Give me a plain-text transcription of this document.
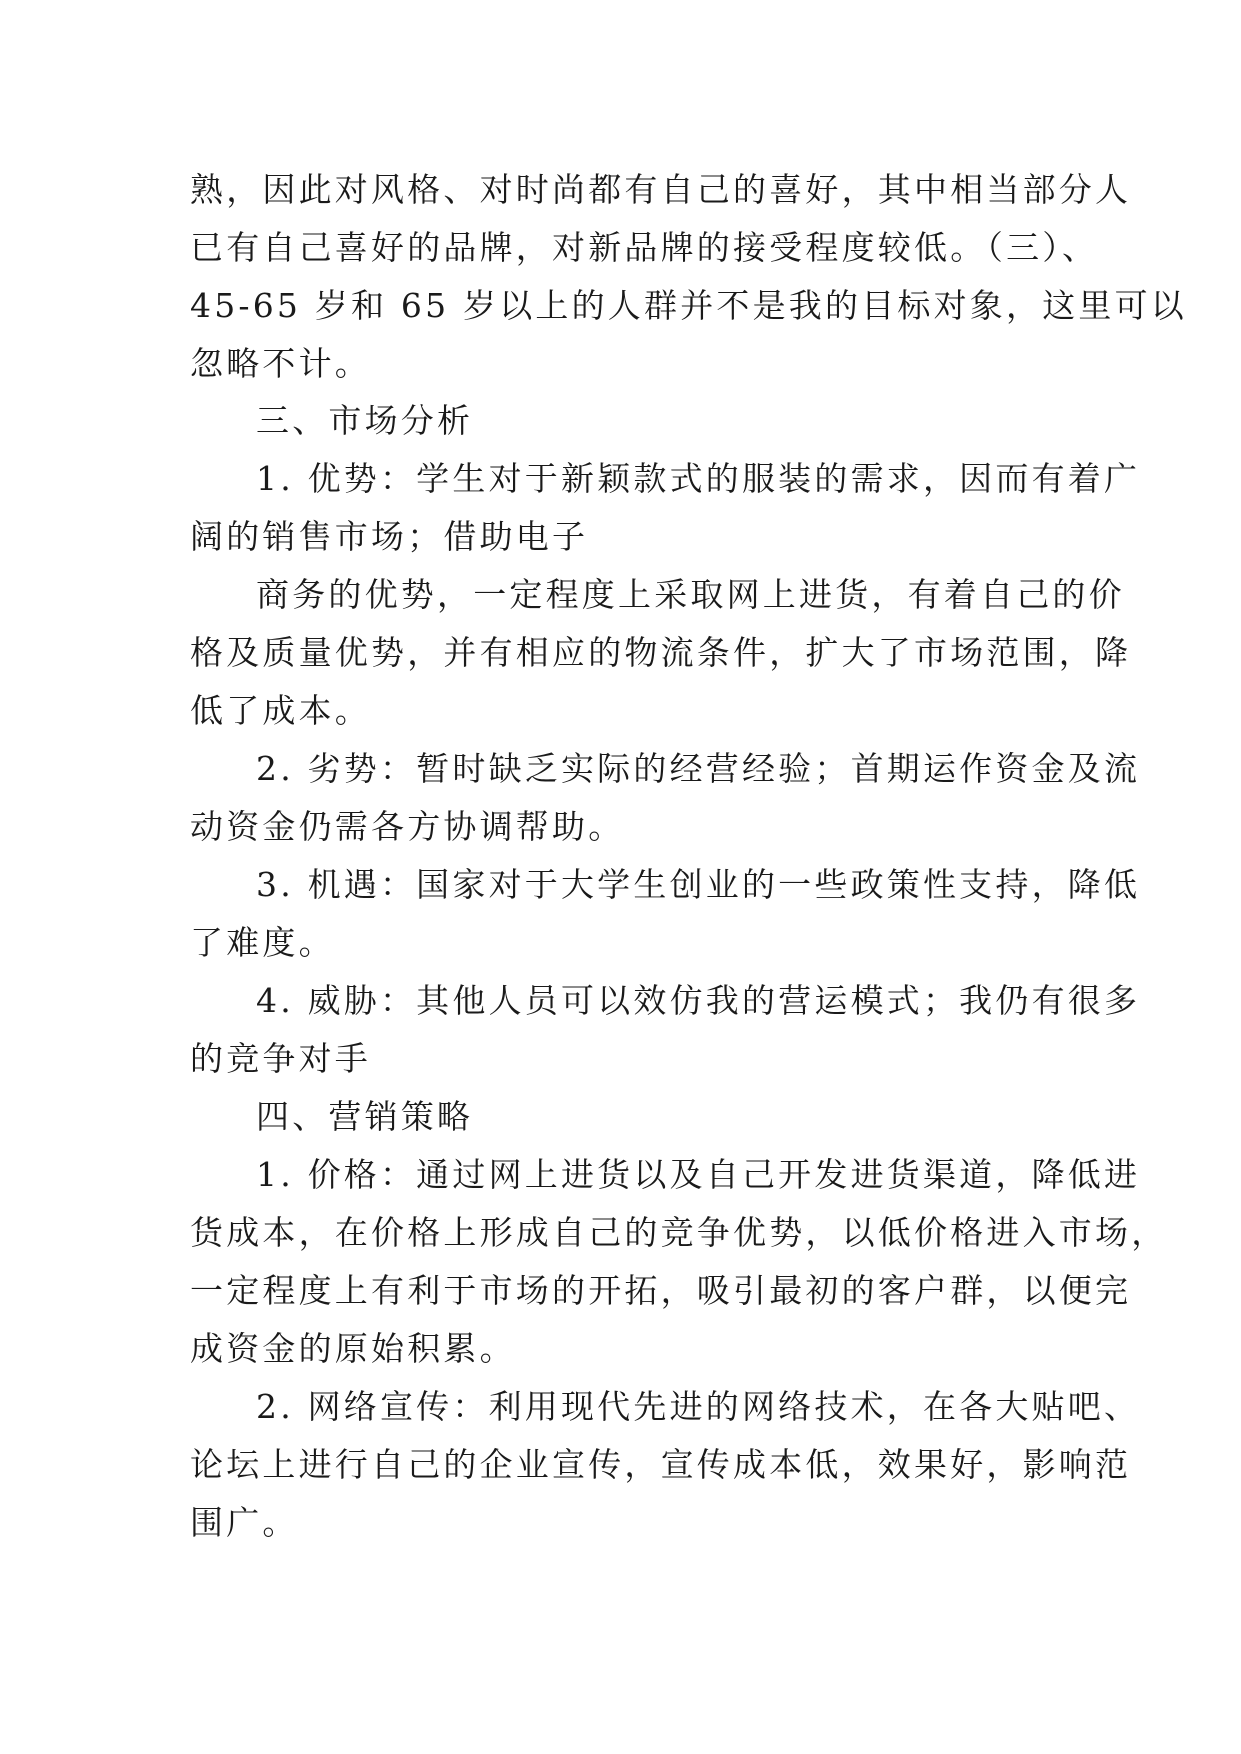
熟，因此对风格、对时尚都有自己的喜好，其中相当部分人
已有自己喜好的品牌，对新品牌的接受程度较低。（三）、
45-65 岁和 65 岁以上的人群并不是我的目标对象，这里可以
忽略不计。
三、市场分析
1. 优势：学生对于新颖款式的服装的需求，因而有着广
阔的销售市场；借助电子
商务的优势，一定程度上采取网上进货，有着自己的价
格及质量优势，并有相应的物流条件，扩大了市场范围，降
低了成本。
2. 劣势：暂时缺乏实际的经营经验；首期运作资金及流
动资金仍需各方协调帮助。
3. 机遇：国家对于大学生创业的一些政策性支持，降低
了难度。
4. 威胁：其他人员可以效仿我的营运模式；我仍有很多
的竞争对手
四、营销策略
1. 价格：通过网上进货以及自己开发进货渠道，降低进
货成本，在价格上形成自己的竞争优势，以低价格进入市场，
一定程度上有利于市场的开拓，吸引最初的客户群，以便完
成资金的原始积累。
2. 网络宣传：利用现代先进的网络技术，在各大贴吧、
论坛上进行自己的企业宣传，宣传成本低，效果好，影响范
围广。
